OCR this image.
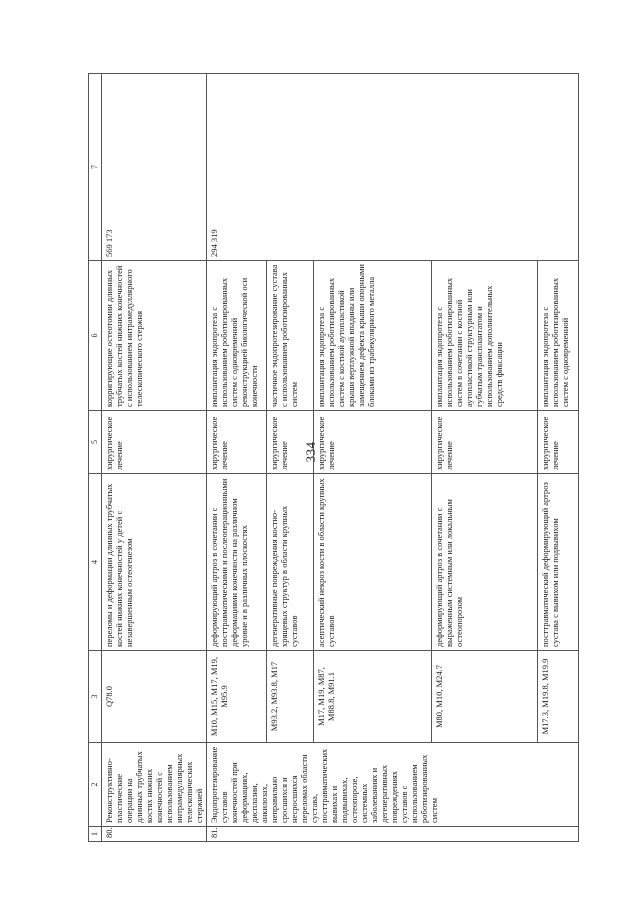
334
1	2	3	4	5	6	7
80.	Реконструктивно-пластические операции на длинных трубчатых костях нижних конечностей с использованием интрамедуллярных телескопических стержней	Q78.0	переломы и деформации длинных трубчатых костей нижних конечностей у детей с незавершенным остеогенезом	хирургическое лечение	корригирующие остеотомии длинных трубчатых костей нижних конечностей с использованием интрамедуллярного телескопического стержня	569 173
81.	Эндопротезирование суставов конечностей при деформациях, дисплазии, анкилозах, неправильно сросшихся и несросшихся переломах области сустава, посттравматических вывихах и подвывихах, остеопорозе, системных заболеваниях и дегенеративных повреждениях суставов с использованием роботизированных систем	M10, M15, M17, M19, M95.9	деформирующий артроз в сочетании с посттравматическими и послеоперационными деформациями конечности на различном уровне и в различных плоскостях	хирургическое лечение	имплантация эндопротеза с использованием роботизированных систем с одновременной реконструкцией биологической оси конечности	294 319
		M93.2, M93.8, M17	дегенеративные повреждения костно-хрящевых структур в области крупных суставов	хирургическое лечение	частичное эндопротезирование сустава с использованием роботизированных систем	
		M17, M19, M87, M88.8, M91.1	асептический некроз кости в области крупных суставов	хирургическое лечение	имплантация эндопротеза с использованием роботизированных систем с костной аутопластикой крыши вертлужной впадины или замещением дефекта крыши опорными блоками из трабекулярного металла	
		M80, M10, M24.7	деформирующий артроз в сочетании с выраженным системным или локальным остеопорозом	хирургическое лечение	имплантация эндопротеза с использованием роботизированных систем в сочетании с костной аутопластикой структурным или губчатым трансплантатом и использованием дополнительных средств фиксации	
		M17.3, M19.8, M19.9	посттравматический деформирующий артроз сустава с вывихом или подвывихом	хирургическое лечение	имплантация эндопротеза с использованием роботизированных систем с одновременной	
